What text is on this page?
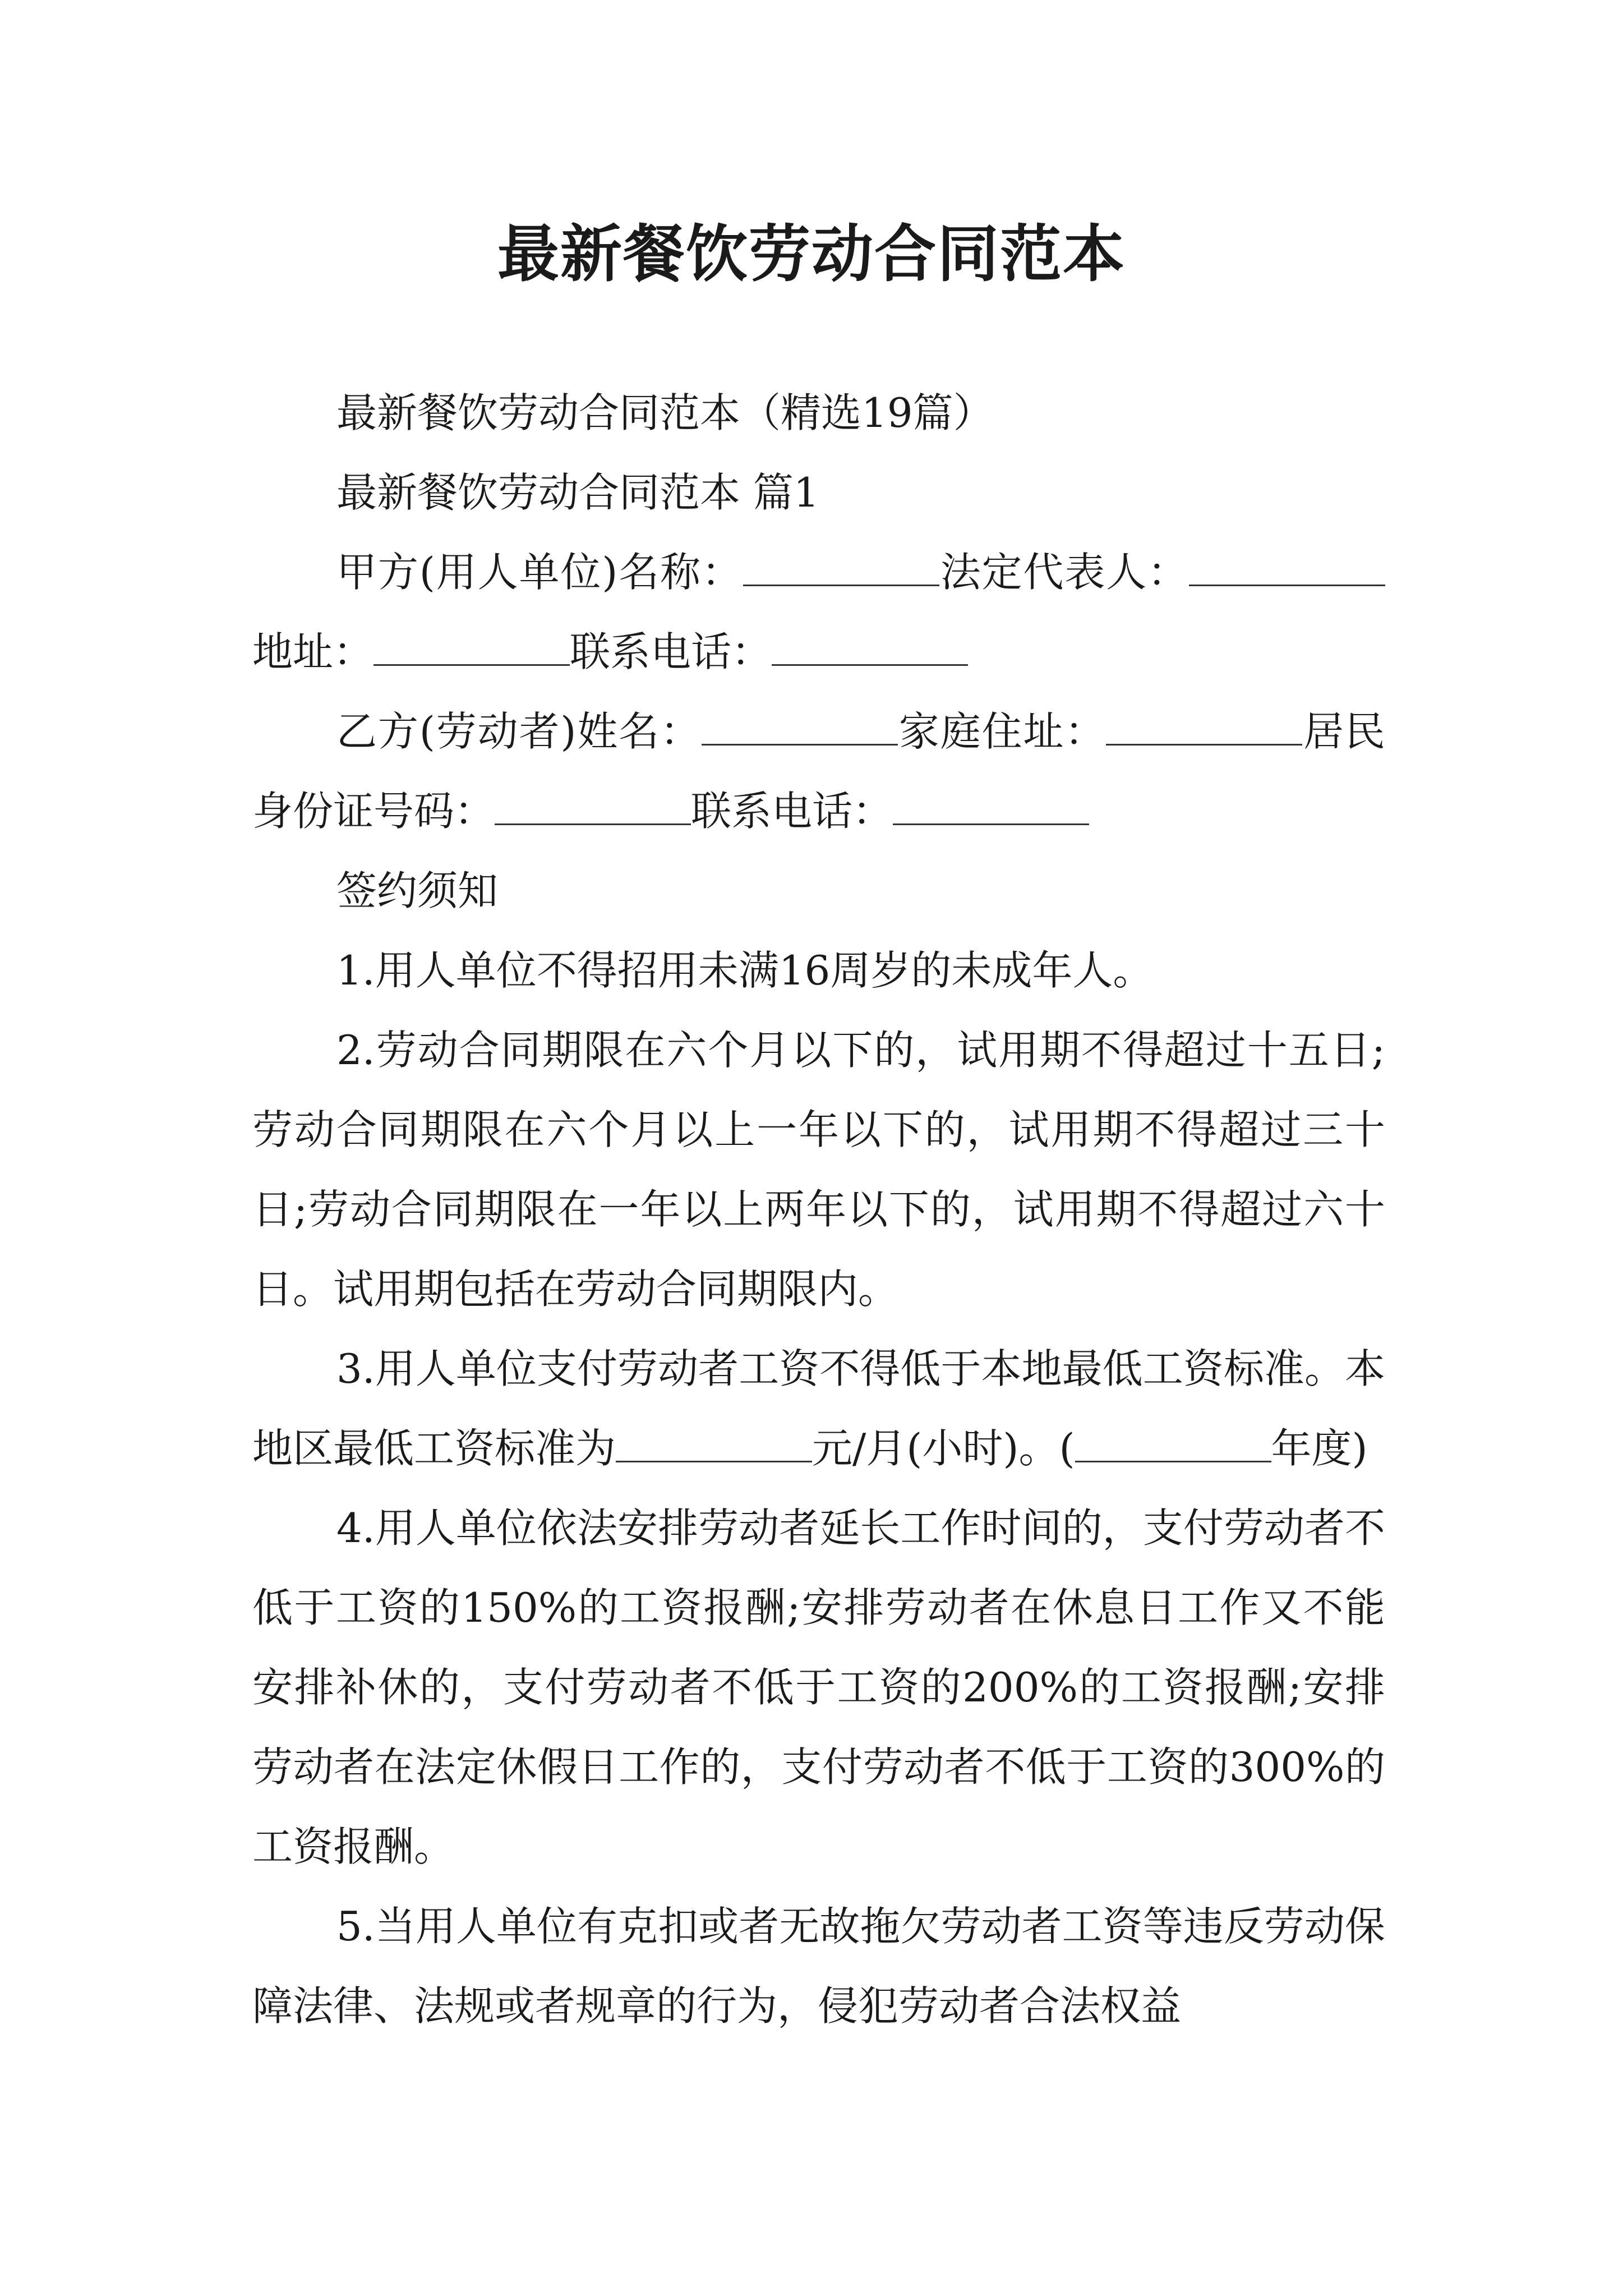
最新餐饮劳动合同范本

最新餐饮劳动合同范本（精选19篇）

最新餐饮劳动合同范本 篇1

甲方(用人单位)名称：	法定代表人：地址：	联系电话：

乙方(劳动者)姓名：	家庭住址：	居民身份证号码：	联系电话：

签约须知

1.用人单位不得招用未满16周岁的未成年人。

2.劳动合同期限在六个月以下的，试用期不得超过十五日;劳动合同期限在六个月以上一年以下的，试用期不得超过三十日;劳动合同期限在一年以上两年以下的，试用期不得超过六十日。试用期包括在劳动合同期限内。

3.用人单位支付劳动者工资不得低于本地最低工资标准。本地区最低工资标准为	元/月(小时)。(	年度)

4.用人单位依法安排劳动者延长工作时间的，支付劳动者不低于工资的150%的工资报酬;安排劳动者在休息日工作又不能安排补休的，支付劳动者不低于工资的200%的工资报酬;安排劳动者在法定休假日工作的，支付劳动者不低于工资的300%的工资报酬。

5.当用人单位有克扣或者无故拖欠劳动者工资等违反劳动保障法律、法规或者规章的行为，侵犯劳动者合法权益
